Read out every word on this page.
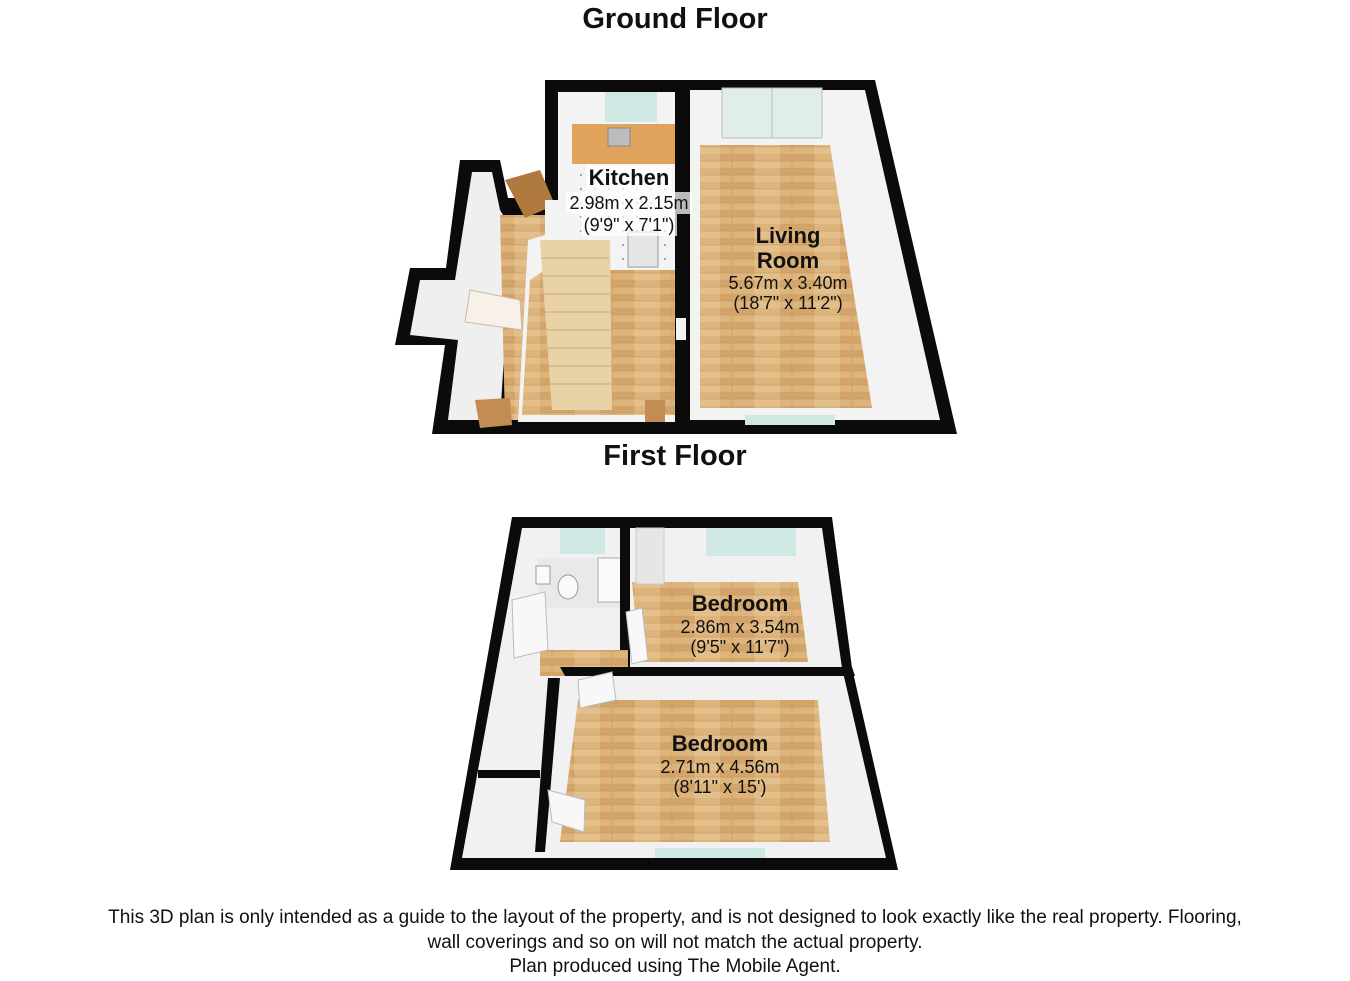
Ground Floor
First Floor
Kitchen
2.98m x 2.15m
(9'9" x 7'1")	Living
Room
5.67m x 3.40m
(18'7" x 11'2")
Bedroom
2.86m x 3.54m
(9'5" x 11'7")
Bedroom
2.71m x 4.56m
(8'11" x 15')
This 3D plan is only intended as a guide to the layout of the property, and is not designed to look exactly like the real property. Flooring,
wall coverings and so on will not match the actual property.
Plan produced using The Mobile Agent.
